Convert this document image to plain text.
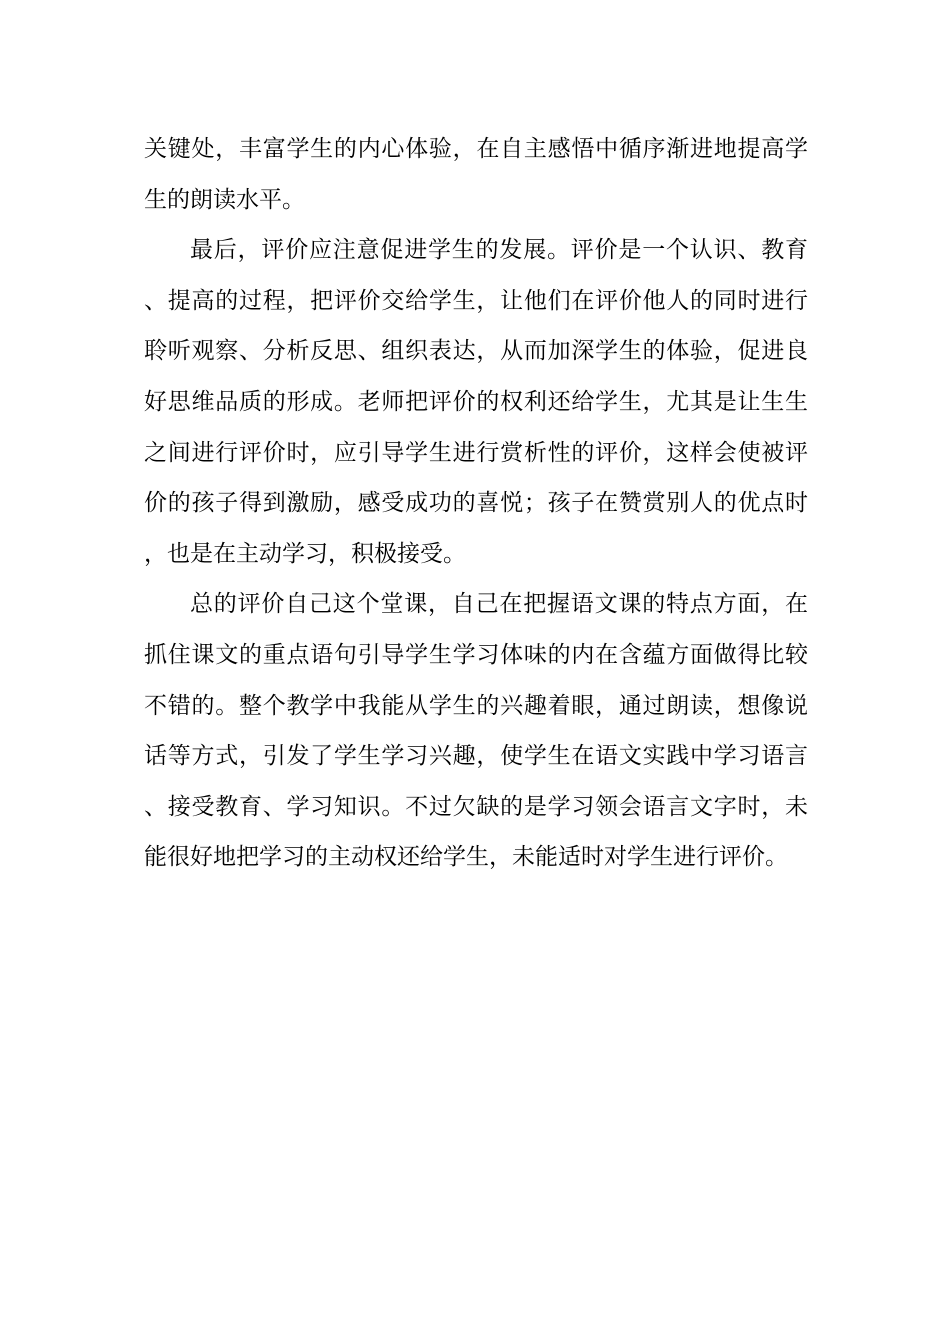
关键处，丰富学生的内心体验，在自主感悟中循序渐进地提高学生的朗读水平。

最后，评价应注意促进学生的发展。评价是一个认识、教育、提高的过程，把评价交给学生，让他们在评价他人的同时进行聆听观察、分析反思、组织表达，从而加深学生的体验，促进良好思维品质的形成。老师把评价的权利还给学生，尤其是让生生之间进行评价时，应引导学生进行赏析性的评价，这样会使被评价的孩子得到激励，感受成功的喜悦；孩子在赞赏别人的优点时，也是在主动学习，积极接受。

总的评价自己这个堂课，自己在把握语文课的特点方面，在抓住课文的重点语句引导学生学习体味的内在含蕴方面做得比较不错的。整个教学中我能从学生的兴趣着眼，通过朗读，想像说话等方式，引发了学生学习兴趣，使学生在语文实践中学习语言、接受教育、学习知识。不过欠缺的是学习领会语言文字时，未能很好地把学习的主动权还给学生，未能适时对学生进行评价。
